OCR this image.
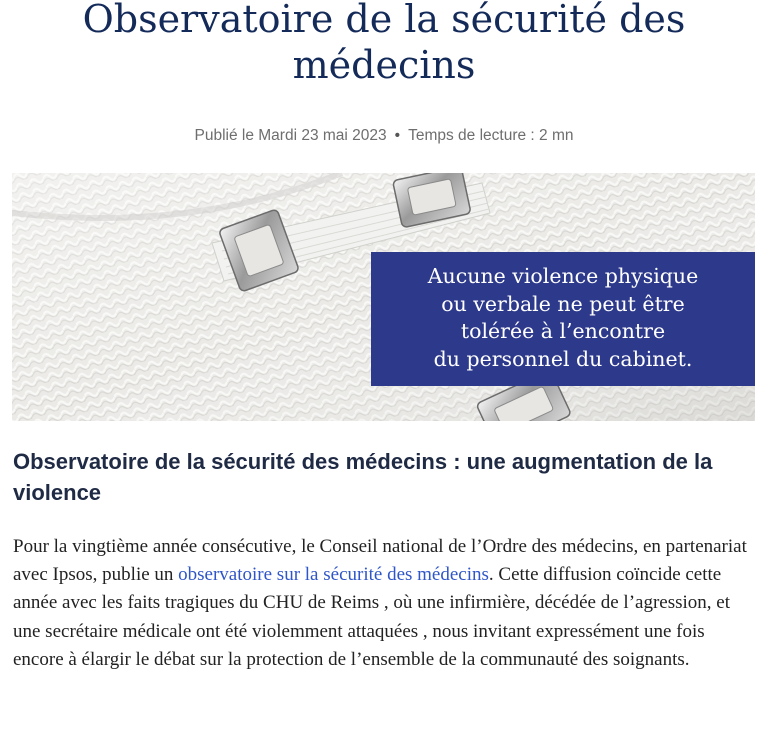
Observatoire de la sécurité des médecins
Publié le Mardi 23 mai 2023 • Temps de lecture : 2 mn
Aucune violence physique
ou verbale ne peut être
tolérée à l’encontre
du personnel du cabinet.
Observatoire de la sécurité des médecins : une augmentation de la violence

Pour la vingtième année consécutive, le Conseil national de l’Ordre des médecins, en partenariat avec Ipsos, publie un observatoire sur la sécurité des médecins. Cette diffusion coïncide cette année avec les faits tragiques du CHU de Reims , où une infirmière, décédée de l’agression, et une secrétaire médicale ont été violemment attaquées , nous invitant expressément une fois encore à élargir le débat sur la protection de l’ensemble de la communauté des soignants.
